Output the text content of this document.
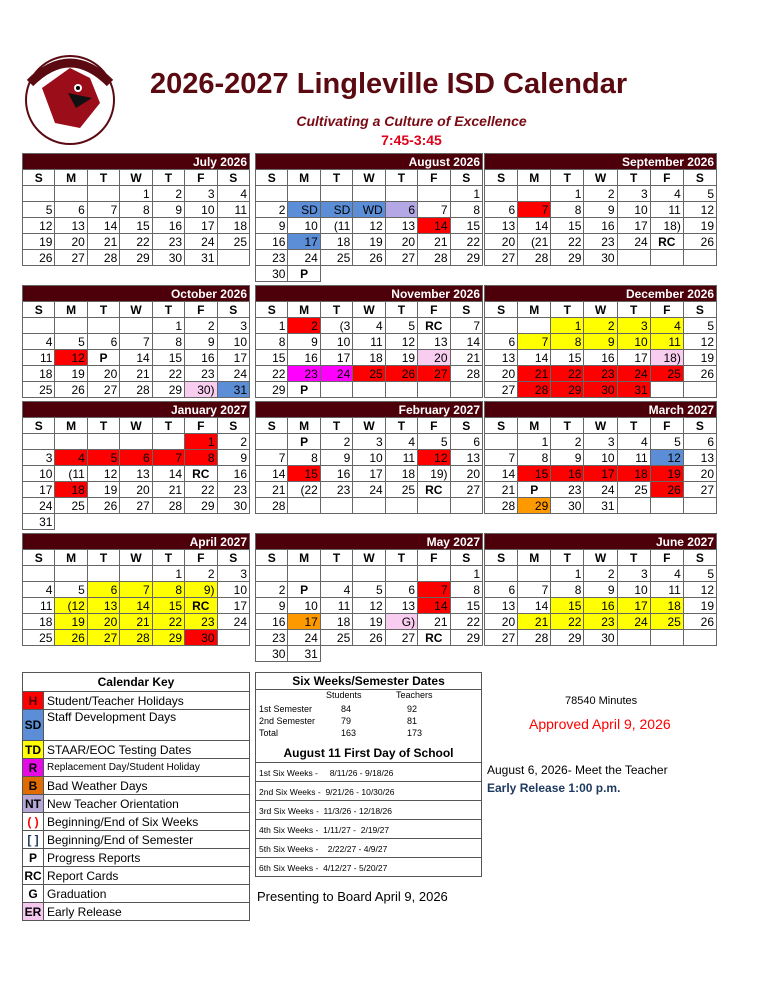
2026-2027 Lingleville ISD Calendar
Cultivating a Culture of Excellence
7:45-3:45
July 2026						
S	M	T	W	T	F	S
			1	2	3	4
5	6	7	8	9	10	11
12	13	14	15	16	17	18
19	20	21	22	23	24	25
26	27	28	29	30	31	
August 2026						
S	M	T	W	T	F	S
						1
2	SD	SD	WD	6	7	8
9	10	(11	12	13	14	15
16	17	18	19	20	21	22
23	24	25	26	27	28	29
30	P					
September 2026						
S	M	T	W	T	F	S
		1	2	3	4	5
6	7	8	9	10	11	12
13	14	15	16	17	18)	19
20	(21	22	23	24	RC	26
27	28	29	30			
October 2026						
S	M	T	W	T	F	S
				1	2	3
4	5	6	7	8	9	10
11	12	P	14	15	16	17
18	19	20	21	22	23	24
25	26	27	28	29	30)	31
November 2026						
S	M	T	W	T	F	S
1	2	(3	4	5	RC	7
8	9	10	11	12	13	14
15	16	17	18	19	20	21
22	23	24	25	26	27	28
29	P					
December 2026						
S	M	T	W	T	F	S
		1	2	3	4	5
6	7	8	9	10	11	12
13	14	15	16	17	18)	19
20	21	22	23	24	25	26
27	28	29	30	31		
January 2027						
S	M	T	W	T	F	S
					1	2
3	4	5	6	7	8	9
10	(11	12	13	14	RC	16
17	18	19	20	21	22	23
24	25	26	27	28	29	30
31						
February 2027						
S	M	T	W	T	F	S
	P	2	3	4	5	6
7	8	9	10	11	12	13
14	15	16	17	18	19)	20
21	(22	23	24	25	RC	27
28						
March 2027						
S	M	T	W	T	F	S
	1	2	3	4	5	6
7	8	9	10	11	12	13
14	15	16	17	18	19	20
21	P	23	24	25	26	27
28	29	30	31			
April 2027						
S	M	T	W	T	F	S
				1	2	3
4	5	6	7	8	9)	10
11	(12	13	14	15	RC	17
18	19	20	21	22	23	24
25	26	27	28	29	30	
May 2027						
S	M	T	W	T	F	S
						1
2	P	4	5	6	7	8
9	10	11	12	13	14	15
16	17	18	19	G)	21	22
23	24	25	26	27	RC	29
30	31					
June 2027						
S	M	T	W	T	F	S
		1	2	3	4	5
6	7	8	9	10	11	12
13	14	15	16	17	18	19
20	21	22	23	24	25	26
27	28	29	30			
Calendar Key	
H	Student/Teacher Holidays
SD	Staff Development Days
TD	STAAR/EOC Testing Dates
R	Replacement Day/Student Holiday
B	Bad Weather Days
NT	New Teacher Orientation
( )	Beginning/End of Six Weeks
[ ]	Beginning/End of Semester
P	Progress Reports
RC	Report Cards
G	Graduation
ER	Early Release
Six Weeks/Semester Dates
Students	Teachers
1st Semester	84	92
2nd Semester	79	81
Total	163	173
August 11 First Day of School
1st Six Weeks -     8/11/26 - 9/18/26
2nd Six Weeks -  9/21/26 - 10/30/26
3rd Six Weeks -  11/3/26 - 12/18/26
4th Six Weeks -  1/11/27 -  2/19/27
5th Six Weeks -    2/22/27 - 4/9/27
6th Six Weeks -  4/12/27 - 5/20/27
78540 Minutes
Approved April 9, 2026
August 6, 2026- Meet the Teacher
Early Release 1:00 p.m.
Presenting to Board April 9, 2026
